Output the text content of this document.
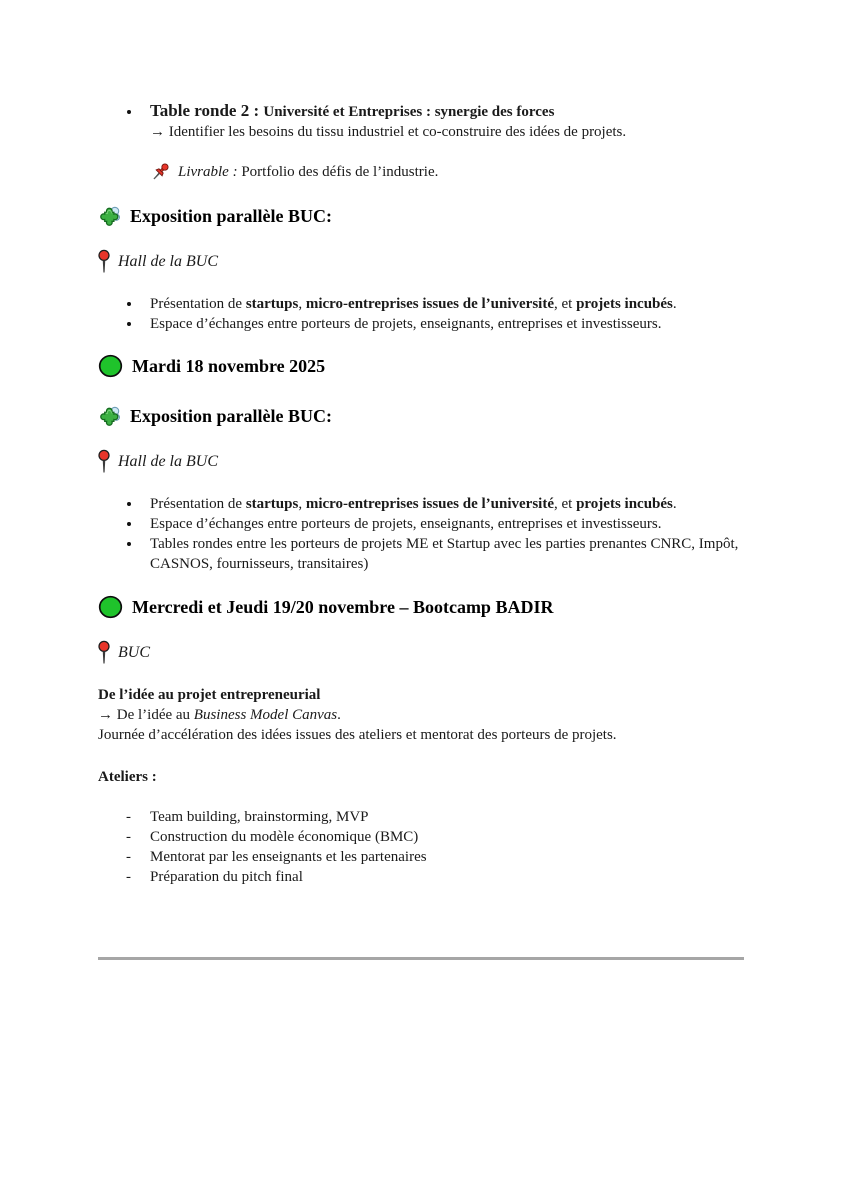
Table ronde 2 : Université et Entreprises : synergie des forces
→ Identifier les besoins du tissu industriel et co-construire des idées de projets.
Livrable : Portfolio des défis de l’industrie.
Exposition parallèle BUC:
Hall de la BUC
Présentation de startups, micro-entreprises issues de l’université, et projets incubés.
Espace d’échanges entre porteurs de projets, enseignants, entreprises et investisseurs.
Mardi 18 novembre 2025
Exposition parallèle BUC:
Hall de la BUC
Présentation de startups, micro-entreprises issues de l’université, et projets incubés.
Espace d’échanges entre porteurs de projets, enseignants, entreprises et investisseurs.
Tables rondes entre les porteurs de projets ME et Startup avec les parties prenantes CNRC, Impôt, CASNOS, fournisseurs, transitaires)
Mercredi et Jeudi 19/20 novembre – Bootcamp BADIR
BUC
De l’idée au projet entrepreneurial
→ De l’idée au Business Model Canvas.
Journée d’accélération des idées issues des ateliers et mentorat des porteurs de projets.
Ateliers :
- Team building, brainstorming, MVP
- Construction du modèle économique (BMC)
- Mentorat par les enseignants et les partenaires
- Préparation du pitch final
